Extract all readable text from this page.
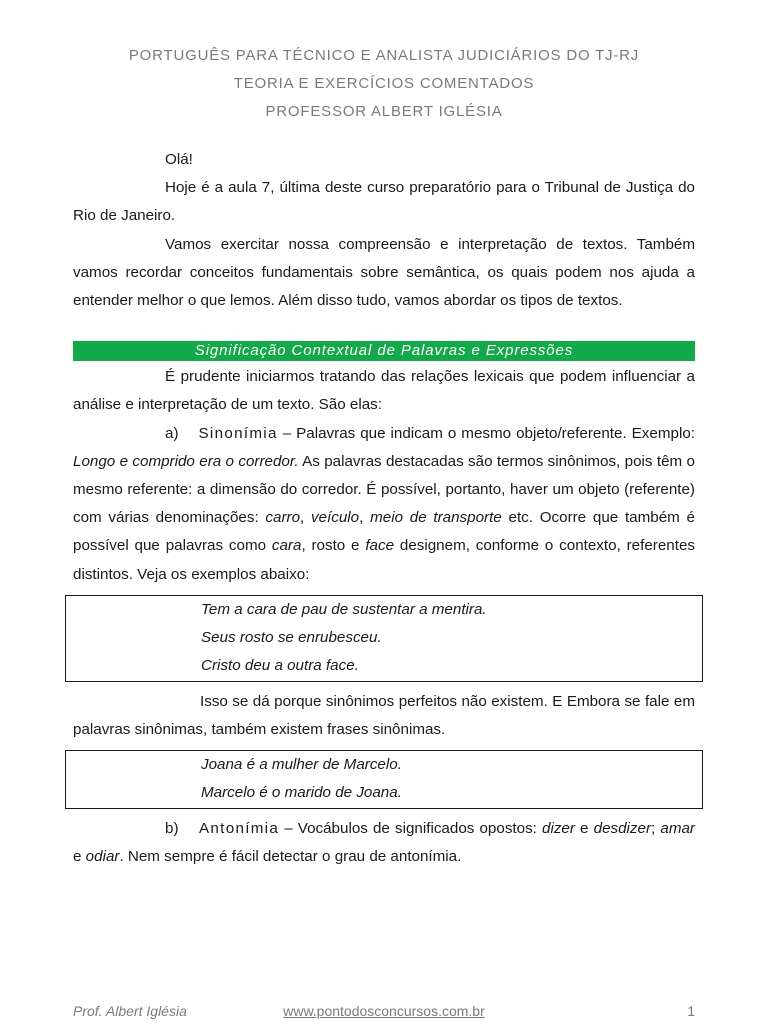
PORTUGUÊS PARA TÉCNICO E ANALISTA JUDICIÁRIOS DO TJ-RJ
TEORIA E EXERCÍCIOS COMENTADOS
PROFESSOR ALBERT IGLÉSIA
Olá!
Hoje é a aula 7, última deste curso preparatório para o Tribunal de Justiça do Rio de Janeiro.
Vamos exercitar nossa compreensão e interpretação de textos. Também vamos recordar conceitos fundamentais sobre semântica, os quais podem nos ajuda a entender melhor o que lemos. Além disso tudo, vamos abordar os tipos de textos.
Significação Contextual de Palavras e Expressões
É prudente iniciarmos tratando das relações lexicais que podem influenciar a análise e interpretação de um texto. São elas:
a) Sinonímia – Palavras que indicam o mesmo objeto/referente. Exemplo: Longo e comprido era o corredor. As palavras destacadas são termos sinônimos, pois têm o mesmo referente: a dimensão do corredor. É possível, portanto, haver um objeto (referente) com várias denominações: carro, veículo, meio de transporte etc. Ocorre que também é possível que palavras como cara, rosto e face designem, conforme o contexto, referentes distintos. Veja os exemplos abaixo:
Tem a cara de pau de sustentar a mentira.
Seus rosto se enrubesceu.
Cristo deu a outra face.
Isso se dá porque sinônimos perfeitos não existem. E Embora se fale em palavras sinônimas, também existem frases sinônimas.
Joana é a mulher de Marcelo.
Marcelo é o marido de Joana.
b) Antonímia – Vocábulos de significados opostos: dizer e desdizer; amar e odiar. Nem sempre é fácil detectar o grau de antonímia.
Prof. Albert Iglésia	www.pontodosconcursos.com.br	1
